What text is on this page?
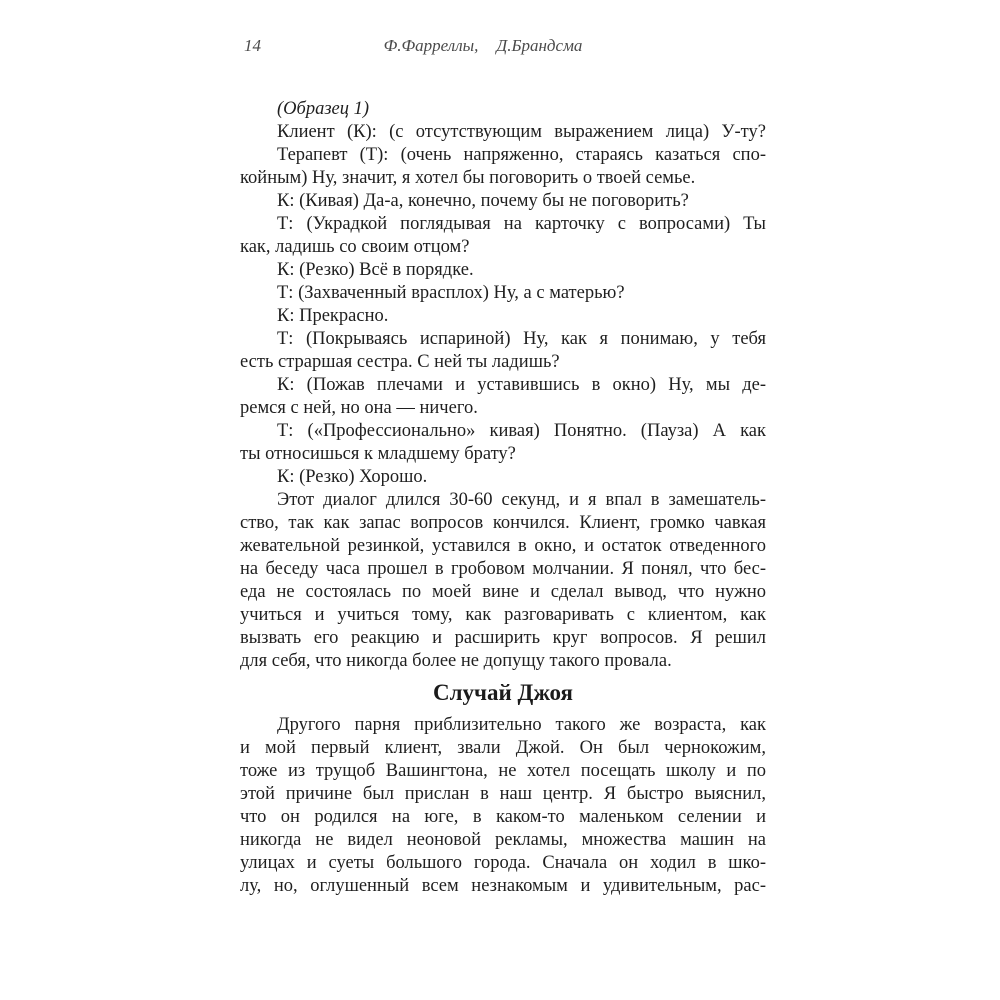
14	Ф.Фарреллы, Д.Брандсма
(Образец 1)
Клиент (К): (с отсутствующим выражением лица) У-ту?
Терапевт (Т): (очень напряженно, стараясь казаться спо-
койным) Ну, значит, я хотел бы поговорить о твоей семье.
К: (Кивая) Да-а, конечно, почему бы не поговорить?
Т: (Украдкой поглядывая на карточку с вопросами) Ты
как, ладишь со своим отцом?
К: (Резко) Всё в порядке.
Т: (Захваченный врасплох) Ну, а с матерью?
К: Прекрасно.
Т: (Покрываясь испариной) Ну, как я понимаю, у тебя
есть страршая сестра. С ней ты ладишь?
К: (Пожав плечами и уставившись в окно) Ну, мы де-
ремся с ней, но она — ничего.
Т: («Профессионально» кивая) Понятно. (Пауза) А как
ты относишься к младшему брату?
К: (Резко) Хорошо.
Этот диалог длился 30-60 секунд, и я впал в замешатель-
ство, так как запас вопросов кончился. Клиент, громко чавкая
жевательной резинкой, уставился в окно, и остаток отведенного
на беседу часа прошел в гробовом молчании. Я понял, что бес-
еда не состоялась по моей вине и сделал вывод, что нужно
учиться и учиться тому, как разговаривать с клиентом, как
вызвать его реакцию и расширить круг вопросов. Я решил
для себя, что никогда более не допущу такого провала.
Случай Джоя
Другого парня приблизительно такого же возраста, как
и мой первый клиент, звали Джой. Он был чернокожим,
тоже из трущоб Вашингтона, не хотел посещать школу и по
этой причине был прислан в наш центр. Я быстро выяснил,
что он родился на юге, в каком-то маленьком селении и
никогда не видел неоновой рекламы, множества машин на
улицах и суеты большого города. Сначала он ходил в шко-
лу, но, оглушенный всем незнакомым и удивительным, рас-
